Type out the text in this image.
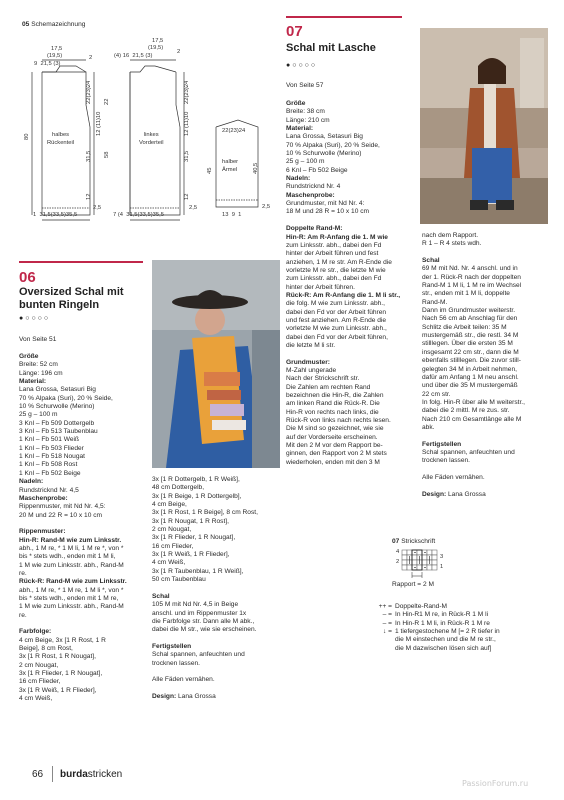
05 Schemazeichnung
17,5
(19,5)
9 21,5 (3)
2
17,5
(19,5)
(4) 16 21,5 (3)
2
80
22(23)24
12 (11)10
31,5
12
22
58
22(23)24
12 (11)10
31,5
12
halbes
Rückenteil
linkes
Vorderteil
22(23)24
halber
Ärmel
45	40,5
1 31,5(33,5)35,5	7 (4 31,5(33,5)35,5
2,5	2,5
13 9 1
2,5
07
Schal mit Lasche
●○○○○
Von Seite 57
Größe
Breite: 38 cm
Länge: 210 cm
Material:
Lana Grossa, Setasuri Big
70 % Alpaka (Suri), 20 % Seide,
10 % Schurwolle (Merino)
25 g – 100 m
6 Knl – Fb 502 Beige
Nadeln:
Rundstricknd Nr. 4
Maschenprobe:
Grundmuster, mit Nd Nr. 4:
18 M und 28 R = 10 x 10 cm

Doppelte Rand-M:
Hin-R: Am R-Anfang die 1. M wie
zum Linksstr. abh., dabei den Fd
hinter der Arbeit führen und fest
anziehen, 1 M re str. Am R-Ende die
vorletzte M re str., die letzte M wie
zum Linksstr. abh., dabei den Fd
hinter der Arbeit führen.
Rück-R: Am R-Anfang die 1. M li str.,
die folg. M wie zum Linksstr. abh.,
dabei den Fd vor der Arbeit führen
und fest anziehen. Am R-Ende die
vorletzte M wie zum Linksstr. abh.,
dabei den Fd vor der Arbeit führen,
die letzte M li str.

Grundmuster:
M-Zahl ungerade
Nach der Strickschrift str.
Die Zahlen am rechten Rand
bezeichnen die Hin-R, die Zahlen
am linken Rand die Rück-R. Die
Hin-R von rechts nach links, die
Rück-R von links nach rechts lesen.
Die M sind so gezeichnet, wie sie
auf der Vorderseite erscheinen.
Mit den 2 M vor dem Rapport be-
ginnen, den Rapport von 2 M stets
wiederholen, enden mit den 3 M
nach dem Rapport.
R 1 – R 4 stets wdh.

Schal
69 M mit Nd. Nr. 4 anschl. und in
der 1. Rück-R nach der doppelten
Rand-M 1 M li, 1 M re im Wechsel
str., enden mit 1 M li, doppelte
Rand-M.
Dann im Grundmuster weiterstr.
Nach 56 cm ab Anschlag für den
Schlitz die Arbeit teilen: 35 M
mustergemäß str., die restl. 34 M
stilllegen. Über die ersten 35 M
insgesamt 22 cm str., dann die M
ebenfalls stilllegen. Die zuvor still-
gelegten 34 M in Arbeit nehmen,
dafür am Anfang 1 M neu anschl.
und über die 35 M mustergemäß
22 cm str.
In folg. Hin-R über alle M weiterstr.,
dabei die 2 mittl. M re zus. str.
Nach 210 cm Gesamtlänge alle M
abk.

Fertigstellen
Schal spannen, anfeuchten und
trocknen lassen.

Alle Fäden vernähen.

Design: Lana Grossa
06
Oversized Schal mit
bunten Ringeln
●○○○○
Von Seite 51
Größe
Breite: 52 cm
Länge: 196 cm
Material:
Lana Grossa, Setasuri Big
70 % Alpaka (Suri), 20 % Seide,
10 % Schurwolle (Merino)
25 g – 100 m
3 Knl – Fb 509 Dottergelb
3 Knl – Fb 513 Taubenblau
1 Knl – Fb 501 Weiß
1 Knl – Fb 503 Flieder
1 Knl – Fb 518 Nougat
1 Knl – Fb 508 Rost
1 Knl – Fb 502 Beige
Nadeln:
Rundstricknd Nr. 4,5
Maschenprobe:
Rippenmuster, mit Nd Nr. 4,5:
20 M und 22 R = 10 x 10 cm

Rippenmuster:
Hin-R: Rand-M wie zum Linksstr.
abh., 1 M re, * 1 M li, 1 M re *, von *
bis * stets wdh., enden mit 1 M li,
1 M wie zum Linksstr. abh., Rand-M
re.
Rück-R: Rand-M wie zum Linksstr.
abh., 1 M re, * 1 M re, 1 M li *, von *
bis * stets wdh., enden mit 1 M re,
1 M wie zum Linksstr. abh., Rand-M
re.

Farbfolge:
4 cm Beige, 3x [1 R Rost, 1 R
Beige], 8 cm Rost,
3x [1 R Rost, 1 R Nougat],
2 cm Nougat,
3x [1 R Flieder, 1 R Nougat],
16 cm Flieder,
3x [1 R Weiß, 1 R Flieder],
4 cm Weiß,
3x [1 R Dottergelb, 1 R Weiß],
48 cm Dottergelb,
3x [1 R Beige, 1 R Dottergelb],
4 cm Beige,
3x [1 R Rost, 1 R Beige], 8 cm Rost,
3x [1 R Nougat, 1 R Rost],
2 cm Nougat,
3x [1 R Flieder, 1 R Nougat],
16 cm Flieder,
3x [1 R Weiß, 1 R Flieder],
4 cm Weiß,
3x [1 R Taubenblau, 1 R Weiß],
50 cm Taubenblau

Schal
105 M mit Nd Nr. 4,5 in Beige
anschl. und im Rippenmuster 1x
die Farbfolge str. Dann alle M abk.,
dabei die M str., wie sie erscheinen.

Fertigstellen
Schal spannen, anfeuchten und
trocknen lassen.

Alle Fäden vernähen.

Design: Lana Grossa
07 Strickschrift
4
2
3
1
Rapport = 2 M
++ = Doppelte-Rand-M
– = In Hin-R1 M re, in Rück-R 1 M li
– = In Hin-R 1 M li, in Rück-R 1 M re
↓ = 1 tiefergestochene M [= 2 R tiefer in
die M einstechen und die M re str.,
die M dazwischen lösen sich auf]
66 burdastricken
PassionForum.ru
